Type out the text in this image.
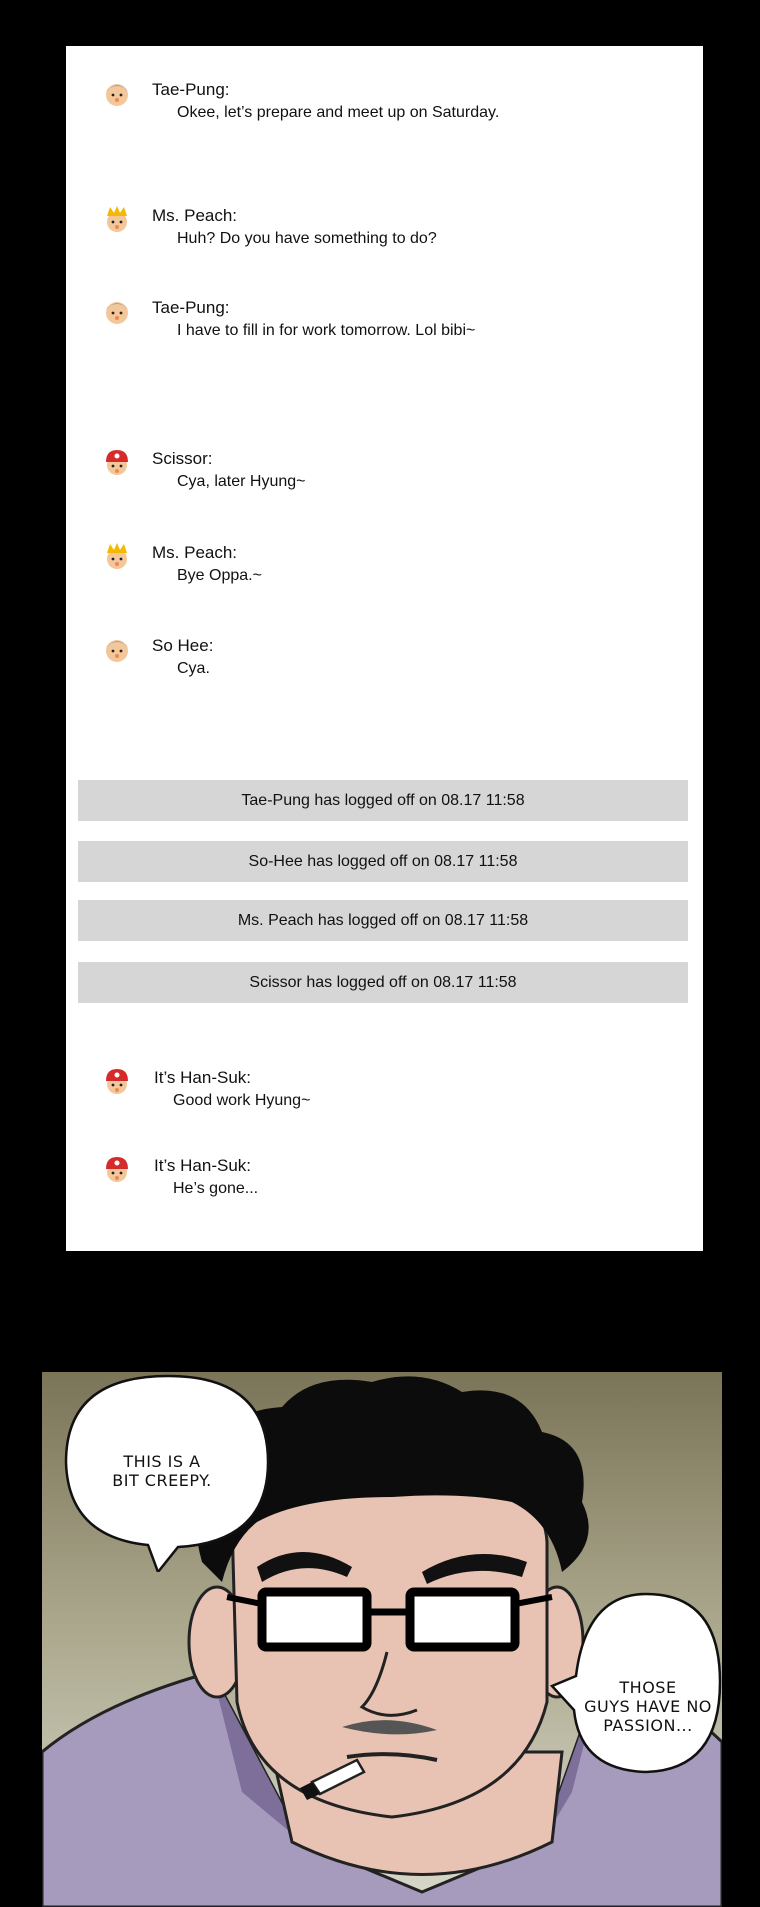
Tae-Pung:
Okee, let’s prepare and meet up on Saturday.
Ms. Peach:
Huh? Do you have something to do?
Tae-Pung:
I have to fill in for work tomorrow. Lol bibi~
Scissor:
Cya, later Hyung~
Ms. Peach:
Bye Oppa.~
So Hee:
Cya.
Tae-Pung has logged off on 08.17 11:58
So-Hee has logged off on 08.17 11:58
Ms. Peach has logged off on 08.17 11:58
Scissor has logged off on 08.17 11:58
It’s Han-Suk:
Good work Hyung~
It’s Han-Suk:
He’s gone...
THIS IS A
BIT CREEPY.
THOSE
GUYS HAVE NO
PASSION...
